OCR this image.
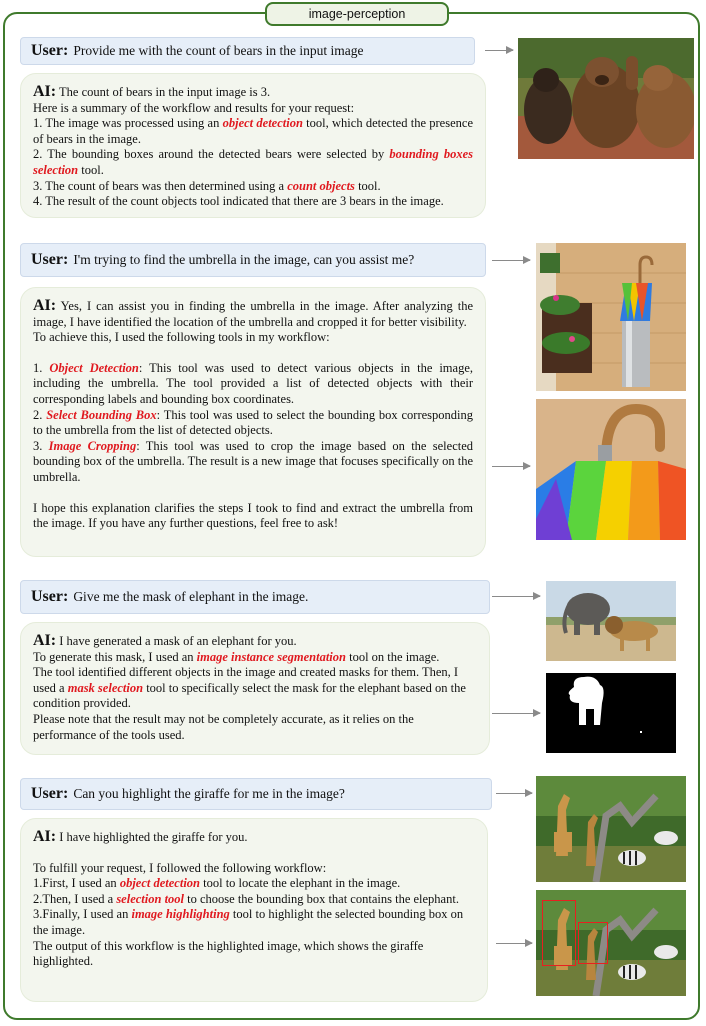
image-perception
User: Provide me with the count of bears in the input image

AI: The count of bears in the input image is 3.

Here is a summary of the workflow and results for your request:

1. The image was processed using an object detection tool, which detected the presence of bears in the image.

2. The bounding boxes around the detected bears were selected by bounding boxes selection tool.

3. The count of bears was then determined using a count objects tool.

4. The result of the count objects tool indicated that there are 3 bears in the image.

User: I'm trying to find the umbrella in the image, can you assist me?

AI: Yes, I can assist you in finding the umbrella in the image. After analyzing the image, I have identified the location of the umbrella and cropped it for better visibility.

To achieve this, I used the following tools in my workflow:

1. Object Detection: This tool was used to detect various objects in the image, including the umbrella. The tool provided a list of detected objects with their corresponding labels and bounding box coordinates.

2. Select Bounding Box: This tool was used to select the bounding box corresponding to the umbrella from the list of detected objects.

3. Image Cropping: This tool was used to crop the image based on the selected bounding box of the umbrella. The result is a new image that focuses specifically on the umbrella.

I hope this explanation clarifies the steps I took to find and extract the umbrella from the image. If you have any further questions, feel free to ask!

User: Give me the mask of elephant in the image.

AI: I have generated a mask of an elephant for you.

To generate this mask, I used an image instance segmentation tool on the image.

The tool identified different objects in the image and created masks for them. Then, I used a mask selection tool to specifically select the mask for the elephant based on the condition provided.

Please note that the result may not be completely accurate, as it relies on the performance of the tools used.

User: Can you highlight the giraffe for me in the image?

AI: I have highlighted the giraffe for you.

To fulfill your request, I followed the following workflow:

1.First, I used an object detection tool to locate the elephant in the image.

2.Then, I used a selection tool to choose the bounding box that contains the elephant.

3.Finally, I used an image highlighting tool to highlight the selected bounding box on the image.

The output of this workflow is the highlighted image, which shows the giraffe highlighted.
